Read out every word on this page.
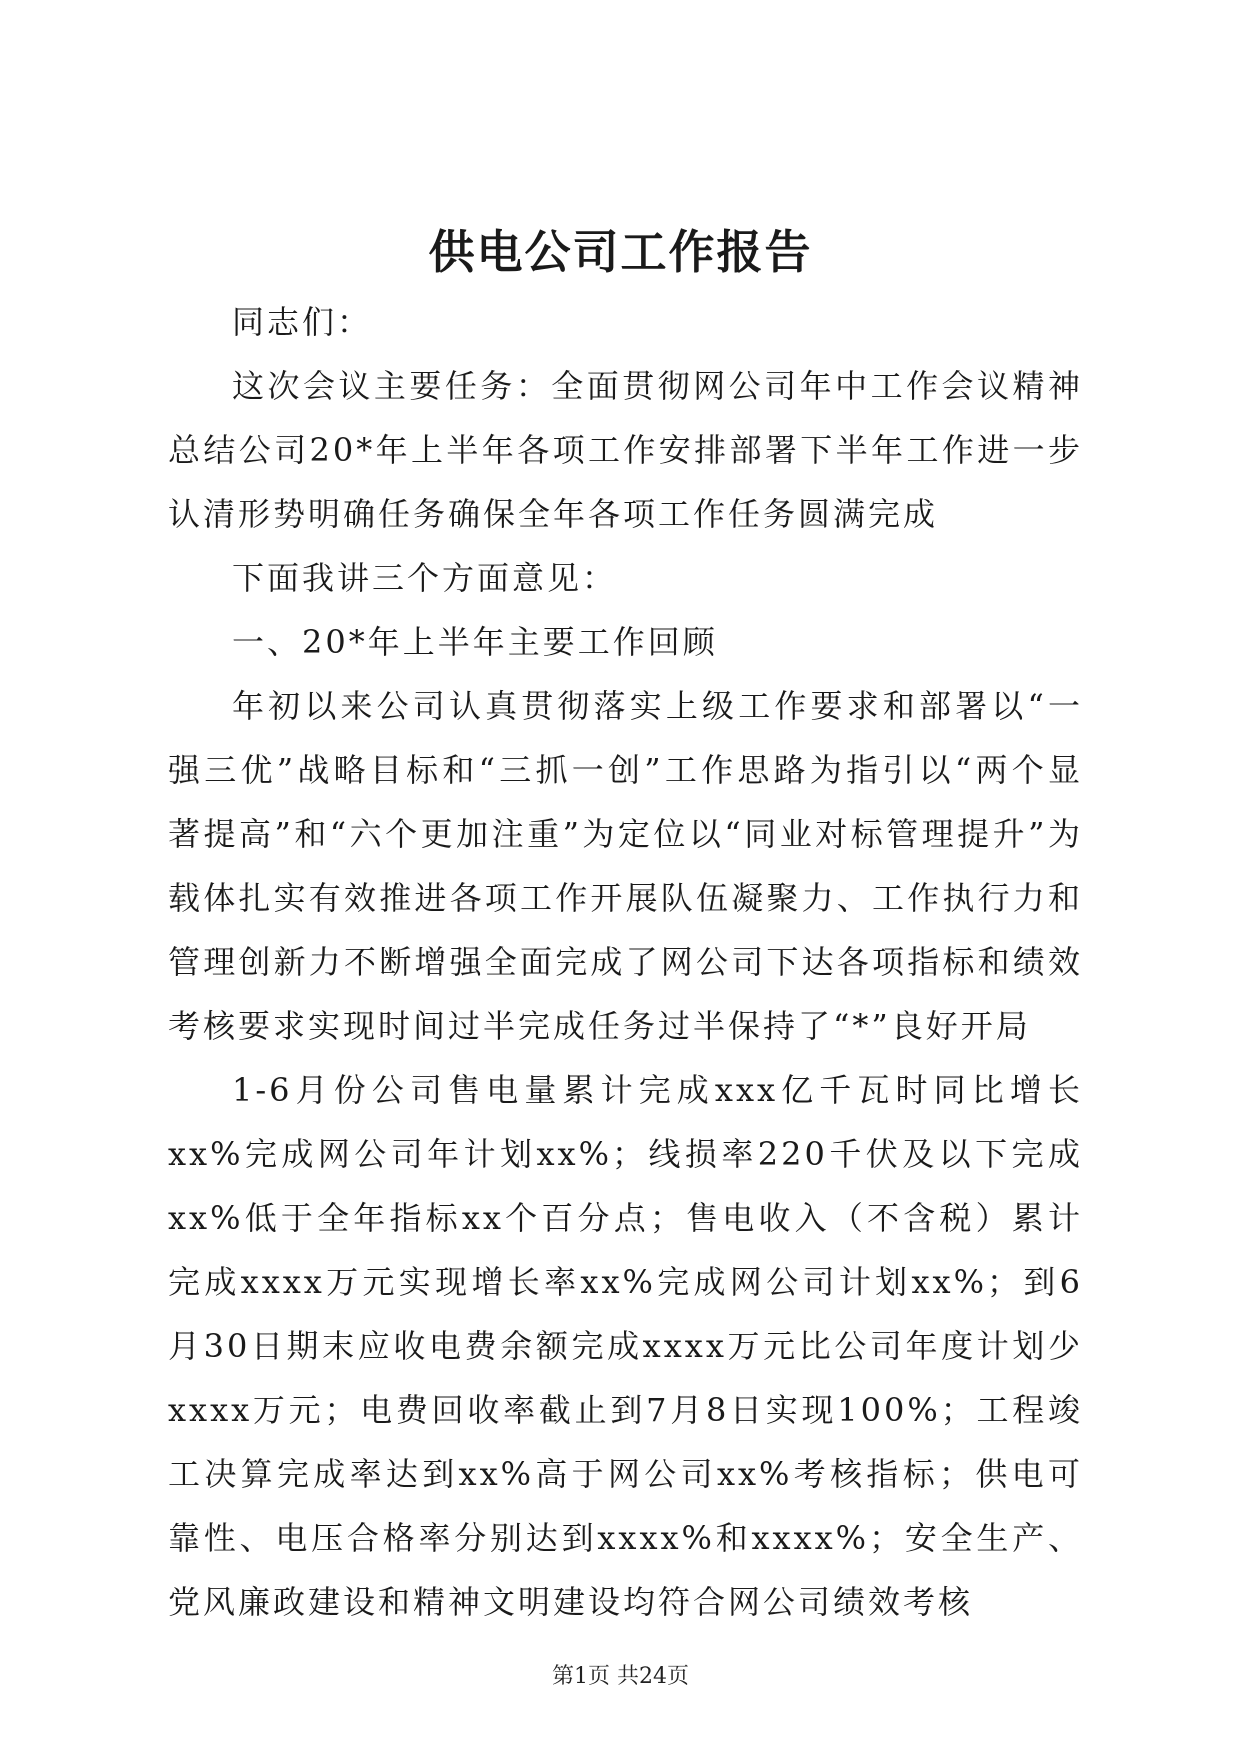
供电公司工作报告

同志们：

这次会议主要任务：全面贯彻网公司年中工作会议精神总结公司20*年上半年各项工作安排部署下半年工作进一步认清形势明确任务确保全年各项工作任务圆满完成

下面我讲三个方面意见：

一、20*年上半年主要工作回顾

年初以来公司认真贯彻落实上级工作要求和部署以“一强三优”战略目标和“三抓一创”工作思路为指引以“两个显著提高”和“六个更加注重”为定位以“同业对标管理提升”为载体扎实有效推进各项工作开展队伍凝聚力、工作执行力和管理创新力不断增强全面完成了网公司下达各项指标和绩效考核要求实现时间过半完成任务过半保持了“*”良好开局

1-6月份公司售电量累计完成xxx亿千瓦时同比增长xx%完成网公司年计划xx%；线损率220千伏及以下完成xx%低于全年指标xx个百分点；售电收入（不含税）累计完成xxxx万元实现增长率xx%完成网公司计划xx%；到6月30日期末应收电费余额完成xxxx万元比公司年度计划少xxxx万元；电费回收率截止到7月8日实现100%；工程竣工决算完成率达到xx%高于网公司xx%考核指标；供电可靠性、电压合格率分别达到xxxx%和xxxx%；安全生产、党风廉政建设和精神文明建设均符合网公司绩效考核

第1页 共24页
